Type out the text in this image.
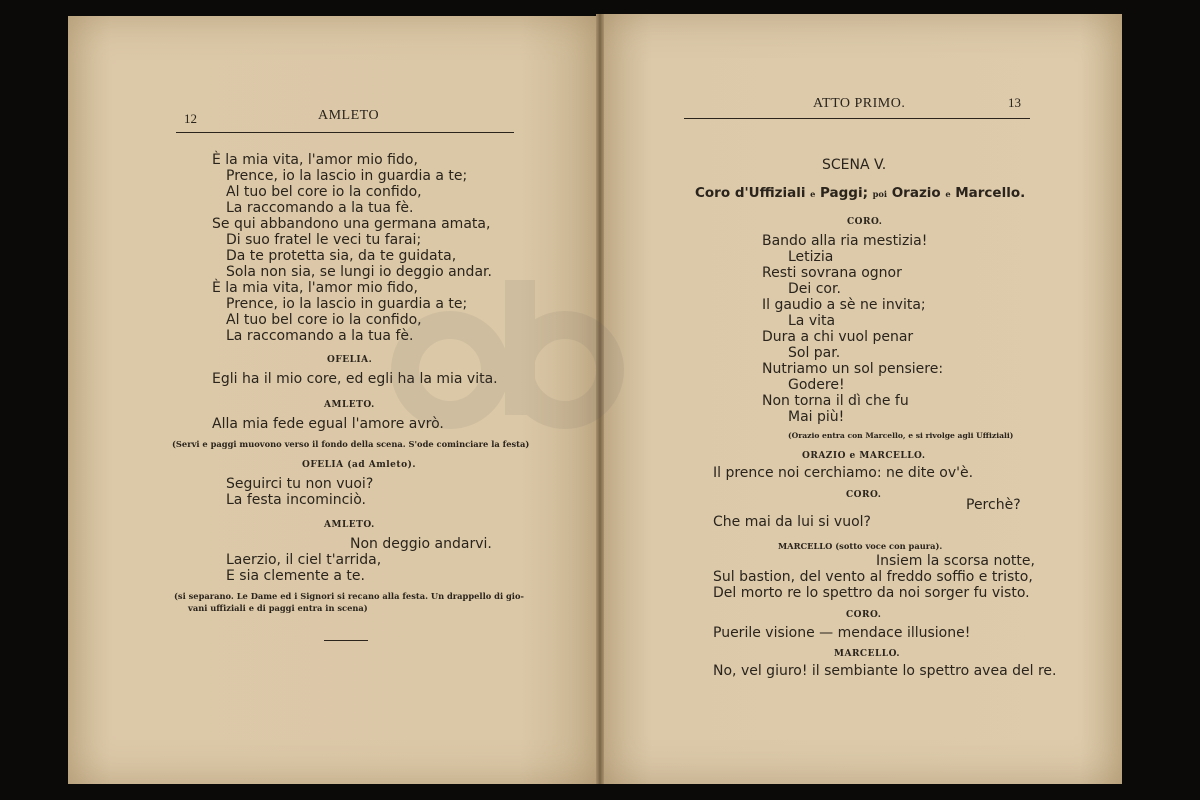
12	AMLETO
È la mia vita, l'amor mio fido,
Prence, io la lascio in guardia a te;
Al tuo bel core io la confido,
La raccomando a la tua fè.
Se qui abbandono una germana amata,
Di suo fratel le veci tu farai;
Da te protetta sia, da te guidata,
Sola non sia, se lungi io deggio andar.
È la mia vita, l'amor mio fido,
Prence, io la lascio in guardia a te;
Al tuo bel core io la confido,
La raccomando a la tua fè.
OFELIA.
Egli ha il mio core, ed egli ha la mia vita.
AMLETO.
Alla mia fede egual l'amore avrò.
(Servi e paggi muovono verso il fondo della scena. S'ode cominciare la festa)
OFELIA (ad Amleto).
Seguirci tu non vuoi?
La festa incominciò.
AMLETO.
Non deggio andarvi.
Laerzio, il ciel t'arrida,
E sia clemente a te.
(si separano. Le Dame ed i Signori si recano alla festa. Un drappello di gio-
vani uffiziali e di paggi entra in scena)
ATTO PRIMO.	13
SCENA V.
Coro d'Uffiziali e Paggi; poi Orazio e Marcello.
CORO.
Bando alla ria mestizia!
Letizia
Resti sovrana ognor
Dei cor.
Il gaudio a sè ne invita;
La vita
Dura a chi vuol penar
Sol par.
Nutriamo un sol pensiere:
Godere!
Non torna il dì che fu
Mai più!
(Orazio entra con Marcello, e si rivolge agli Uffiziali)
ORAZIO e MARCELLO.
Il prence noi cerchiamo: ne dite ov'è.
CORO.
Perchè?
Che mai da lui si vuol?
MARCELLO (sotto voce con paura).
Insiem la scorsa notte,
Sul bastion, del vento al freddo soffio e tristo,
Del morto re lo spettro da noi sorger fu visto.
CORO.
Puerile visione — mendace illusione!
MARCELLO.
No, vel giuro! il sembiante lo spettro avea del re.
